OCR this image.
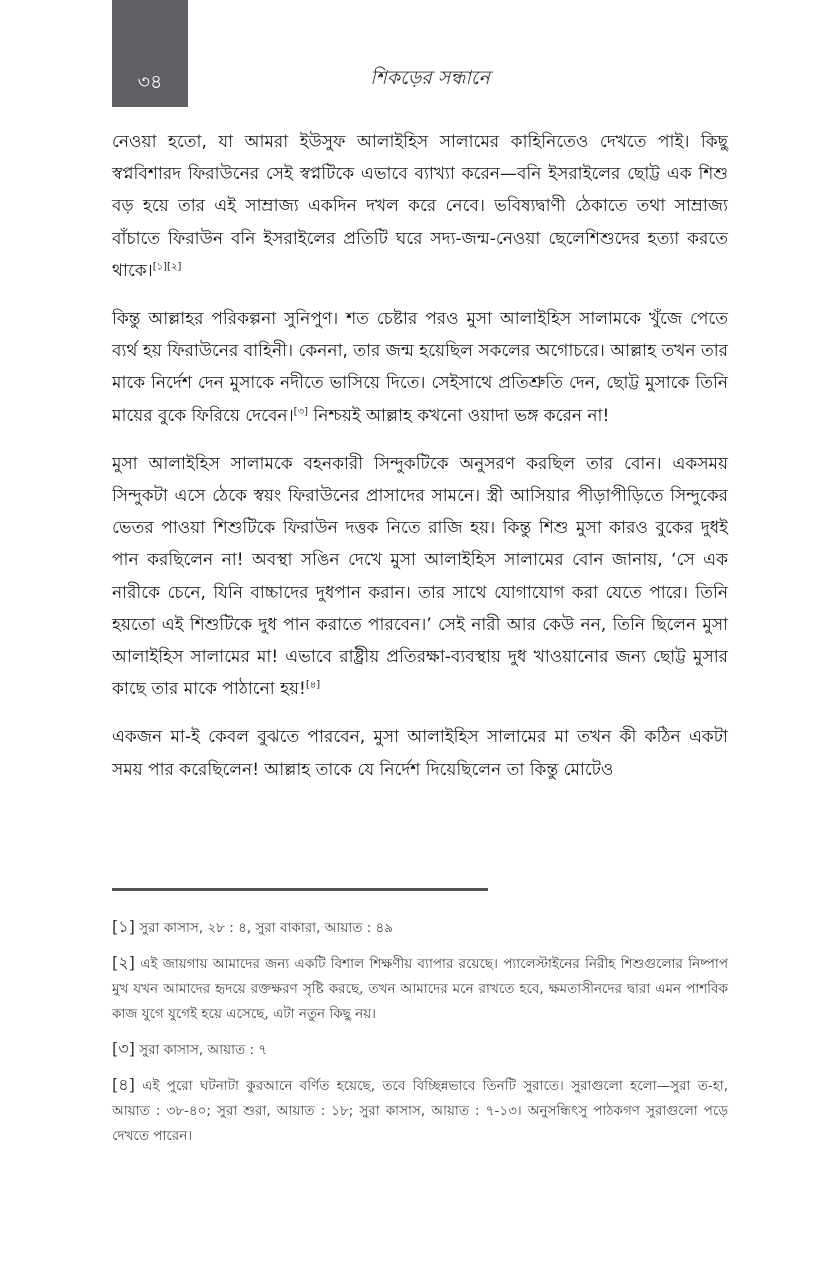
৩৪	শিকড়ের সন্ধানে

নেওয়া হতো, যা আমরা ইউসুফ আলাইহিস সালামের কাহিনিতেও দেখতে পাই। কিছু স্বপ্নবিশারদ ফিরাউনের সেই স্বপ্নটিকে এভাবে ব্যাখ্যা করেন—বনি ইসরাইলের ছোট্ট এক শিশু বড় হয়ে তার এই সাম্রাজ্য একদিন দখল করে নেবে। ভবিষ্যদ্বাণী ঠেকাতে তথা সাম্রাজ্য বাঁচাতে ফিরাউন বনি ইসরাইলের প্রতিটি ঘরে সদ্য-জন্ম-নেওয়া ছেলেশিশুদের হত্যা করতে থাকে।[১][২]

কিন্তু আল্লাহর পরিকল্পনা সুনিপুণ। শত চেষ্টার পরও মুসা আলাইহিস সালামকে খুঁজে পেতে ব্যর্থ হয় ফিরাউনের বাহিনী। কেননা, তার জন্ম হয়েছিল সকলের অগোচরে। আল্লাহ তখন তার মাকে নির্দেশ দেন মুসাকে নদীতে ভাসিয়ে দিতে। সেইসাথে প্রতিশ্রুতি দেন, ছোট্ট মুসাকে তিনি মায়ের বুকে ফিরিয়ে দেবেন।[৩] নিশ্চয়ই আল্লাহ কখনো ওয়াদা ভঙ্গ করেন না!

মুসা আলাইহিস সালামকে বহনকারী সিন্দুকটিকে অনুসরণ করছিল তার বোন। একসময় সিন্দুকটা এসে ঠেকে স্বয়ং ফিরাউনের প্রাসাদের সামনে। স্ত্রী আসিয়ার পীড়াপীড়িতে সিন্দুকের ভেতর পাওয়া শিশুটিকে ফিরাউন দত্তক নিতে রাজি হয়। কিন্তু শিশু মুসা কারও বুকের দুধই পান করছিলেন না! অবস্থা সঙিন দেখে মুসা আলাইহিস সালামের বোন জানায়, ‘সে এক নারীকে চেনে, যিনি বাচ্চাদের দুধপান করান। তার সাথে যোগাযোগ করা যেতে পারে। তিনি হয়তো এই শিশুটিকে দুধ পান করাতে পারবেন।’ সেই নারী আর কেউ নন, তিনি ছিলেন মুসা আলাইহিস সালামের মা! এভাবে রাষ্ট্রীয় প্রতিরক্ষা-ব্যবস্থায় দুধ খাওয়ানোর জন্য ছোট্ট মুসার কাছে তার মাকে পাঠানো হয়![৪]

একজন মা-ই কেবল বুঝতে পারবেন, মুসা আলাইহিস সালামের মা তখন কী কঠিন একটা সময় পার করেছিলেন! আল্লাহ তাকে যে নির্দেশ দিয়েছিলেন তা কিন্তু মোটেও

[১] সুরা কাসাস, ২৮ : ৪, সুরা বাকারা, আয়াত : ৪৯
[২] এই জায়গায় আমাদের জন্য একটি বিশাল শিক্ষণীয় ব্যাপার রয়েছে। প্যালেস্টাইনের নিরীহ শিশুগুলোর নিষ্পাপ মুখ যখন আমাদের হৃদয়ে রক্তক্ষরণ সৃষ্টি করছে, তখন আমাদের মনে রাখতে হবে, ক্ষমতাসীনদের দ্বারা এমন পাশবিক কাজ যুগে যুগেই হয়ে এসেছে, এটা নতুন কিছু নয়।
[৩] সুরা কাসাস, আয়াত : ৭
[৪] এই পুরো ঘটনাটা কুরআনে বর্ণিত হয়েছে, তবে বিচ্ছিন্নভাবে তিনটি সুরাতে। সুরাগুলো হলো—সুরা ত-হা, আয়াত : ৩৮-৪০; সুরা শুরা, আয়াত : ১৮; সুরা কাসাস, আয়াত : ৭-১৩। অনুসন্ধিৎসু পাঠকগণ সুরাগুলো পড়ে দেখতে পারেন।
